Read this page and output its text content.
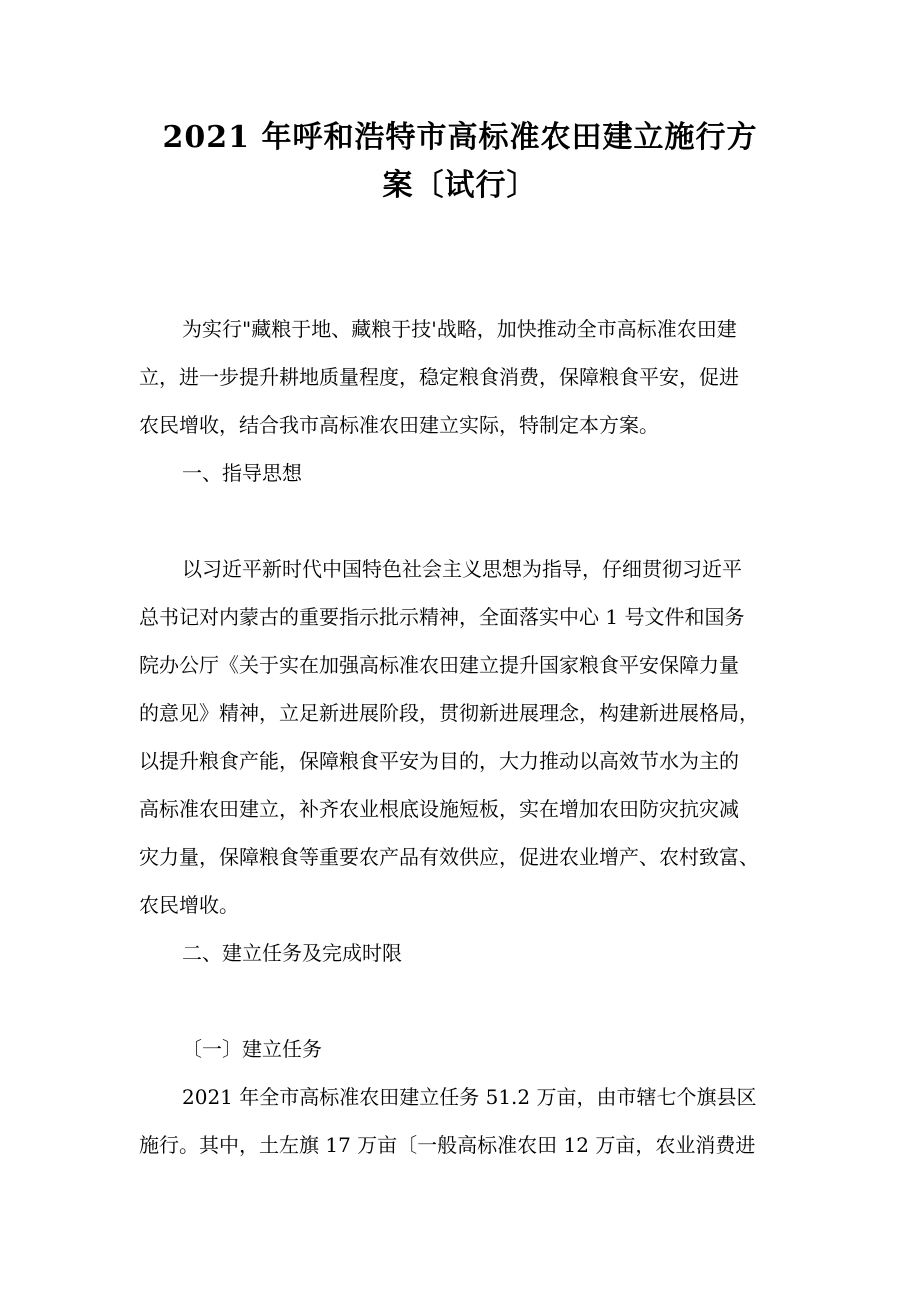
2021 年呼和浩特市高标准农田建立施行方
案〔试行〕
为实行"藏粮于地、藏粮于技'战略，加快推动全市高标准农田建
立，进一步提升耕地质量程度，稳定粮食消费，保障粮食平安，促进
农民增收，结合我市高标准农田建立实际，特制定本方案。
一、指导思想
以习近平新时代中国特色社会主义思想为指导，仔细贯彻习近平
总书记对内蒙古的重要指示批示精神，全面落实中心 1 号文件和国务
院办公厅《关于实在加强高标准农田建立提升国家粮食平安保障力量
的意见》精神，立足新进展阶段，贯彻新进展理念，构建新进展格局，
以提升粮食产能，保障粮食平安为目的，大力推动以高效节水为主的
高标准农田建立，补齐农业根底设施短板，实在增加农田防灾抗灾减
灾力量，保障粮食等重要农产品有效供应，促进农业增产、农村致富、
农民增收。
二、建立任务及完成时限
〔一〕建立任务
2021 年全市高标准农田建立任务 51.2 万亩，由市辖七个旗县区
施行。其中，土左旗 17 万亩〔一般高标准农田 12 万亩，农业消费进
